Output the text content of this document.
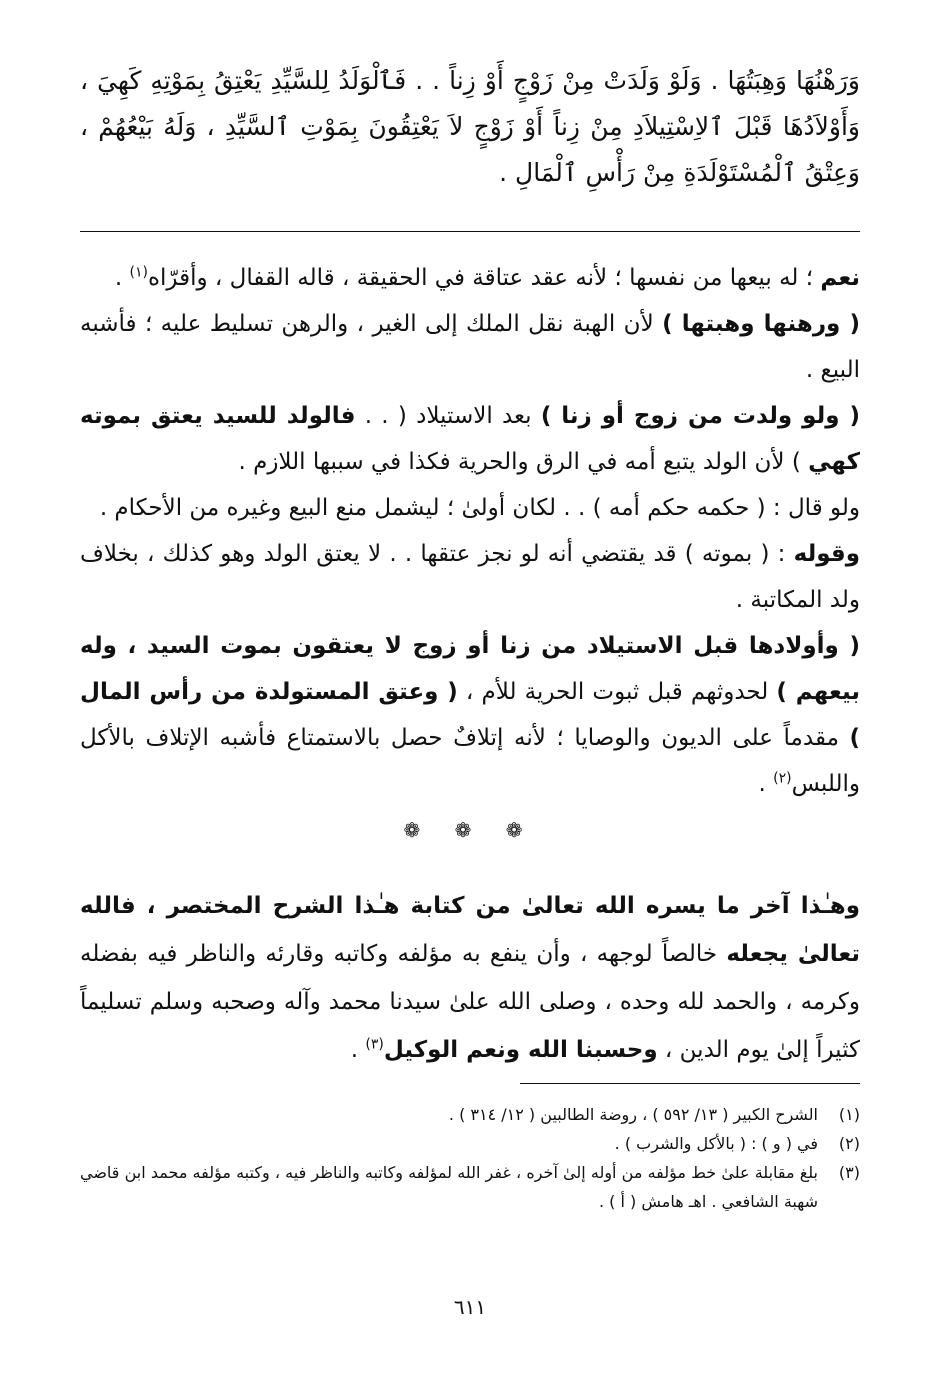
وَرَهْنُهَا وَهِبَتُهَا . وَلَوْ وَلَدَتْ مِنْ زَوْجٍ أَوْ زِناً . . فَٱلْوَلَدُ لِلسَّيِّدِ يَعْتِقُ بِمَوْتِهِ كَهِيَ ، وَأَوْلاَدُهَا قَبْلَ ٱلاِسْتِيلاَدِ مِنْ زِناً أَوْ زَوْجٍ لاَ يَعْتِقُونَ بِمَوْتِ ٱلسَّيِّدِ ، وَلَهُ بَيْعُهُمْ ، وَعِتْقُ ٱلْمُسْتَوْلَدَةِ مِنْ رَأْسِ ٱلْمَالِ .

نعم ؛ له بيعها من نفسها ؛ لأنه عقد عتاقة في الحقيقة ، قاله القفال ، وأقرّاه$^{(١)}$ .

( ورهنها وهبتها ) لأن الهبة نقل الملك إلى الغير ، والرهن تسليط عليه ؛ فأشبه البيع .

( ولو ولدت من زوج أو زنا ) بعد الاستيلاد ( . . فالولد للسيد يعتق بموته كهي ) لأن الولد يتبع أمه في الرق والحرية فكذا في سببها اللازم .

ولو قال : ( حكمه حكم أمه ) . . لكان أولىٰ ؛ ليشمل منع البيع وغيره من الأحكام .

وقوله : ( بموته ) قد يقتضي أنه لو نجز عتقها . . لا يعتق الولد وهو كذلك ، بخلاف ولد المكاتبة .

( وأولادها قبل الاستيلاد من زنا أو زوج لا يعتقون بموت السيد ، وله بيعهم ) لحدوثهم قبل ثبوت الحرية للأم ، ( وعتق المستولدة من رأس المال ) مقدماً على الديون والوصايا ؛ لأنه إتلافٌ حصل بالاستمتاع فأشبه الإتلاف بالأكل واللبس$^{(٢)}$ .

❁ ❁ ❁

وهـٰذا آخر ما يسره الله تعالىٰ من كتابة هـٰذا الشرح المختصر ، فالله تعالىٰ يجعله خالصاً لوجهه ، وأن ينفع به مؤلفه وكاتبه وقارئه والناظر فيه بفضله وكرمه ، والحمد لله وحده ، وصلى الله علىٰ سيدنا محمد وآله وصحبه وسلم تسليماً كثيراً إلىٰ يوم الدين ، وحسبنا الله ونعم الوكيل$^{(٣)}$ .
(١)
الشرح الكبير ( ١٣/ ٥٩٢ ) ، روضة الطالبين ( ١٢/ ٣١٤ ) .
(٢)
في ( و ) : ( بالأكل والشرب ) .
(٣)
بلغ مقابلة علىٰ خط مؤلفه من أوله إلىٰ آخره ، غفر الله لمؤلفه وكاتبه والناظر فيه ، وكتبه مؤلفه محمد ابن قاضي شهبة الشافعي . اهـ هامش ( أ ) .
٦١١
